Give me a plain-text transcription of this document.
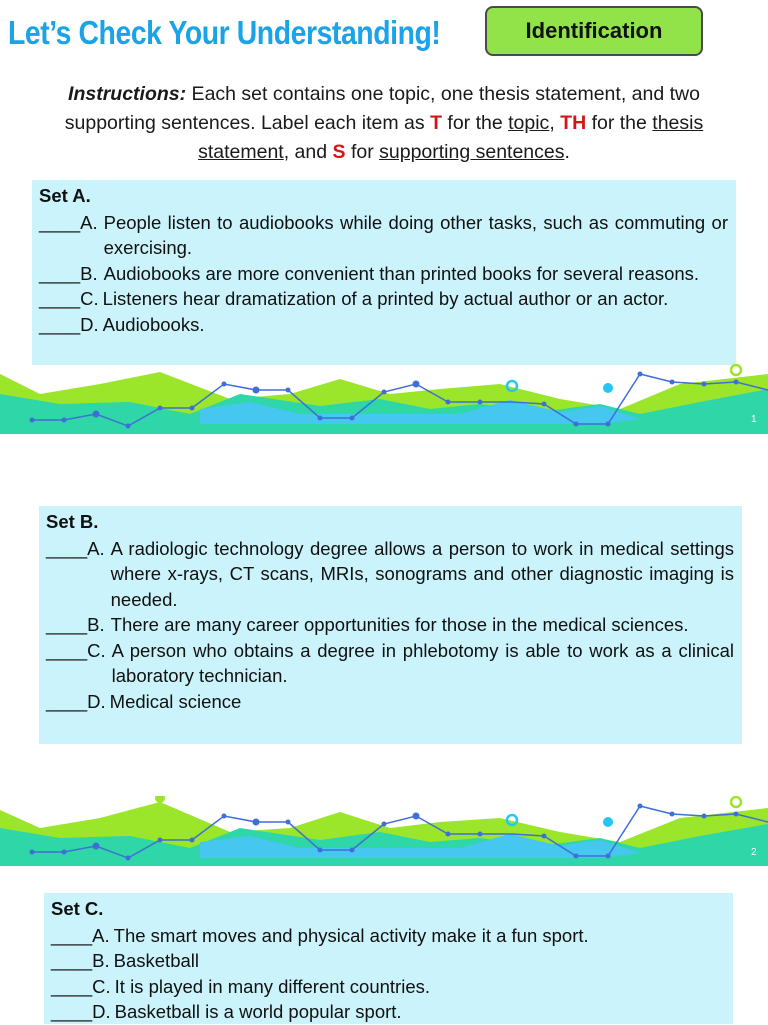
Let’s Check Your Understanding!	Identification
Instructions: Each set contains one topic, one thesis statement, and two supporting sentences. Label each item as T for the topic, TH for the thesis statement, and S for supporting sentences.
Set A.
____A. People listen to audiobooks while doing other tasks, such as commuting or exercising.
____B. Audiobooks are more convenient than printed books for several reasons.
____C. Listeners hear dramatization of a printed by actual author or an actor.
____D. Audiobooks.
1
Set B.
____A. A radiologic technology degree allows a person to work in medical settings where x-rays, CT scans, MRIs, sonograms and other diagnostic imaging is needed.
____B. There are many career opportunities for those in the medical sciences.
____C. A person who obtains a degree in phlebotomy is able to work as a clinical laboratory technician.
____D. Medical science
2
Set C.
____A. The smart moves and physical activity make it a fun sport.
____B. Basketball
____C. It is played in many different countries.
____D. Basketball is a world popular sport.
